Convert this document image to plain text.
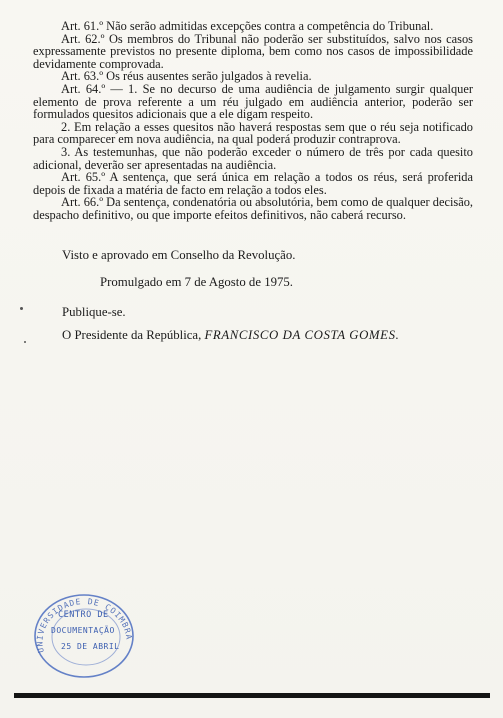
Art. 61.º Não serão admitidas excepções contra a competência do Tribunal.

Art. 62.º Os membros do Tribunal não poderão ser substituídos, salvo nos casos expressamente previstos no presente diploma, bem como nos casos de impossibilidade devidamente comprovada.

Art. 63.º Os réus ausentes serão julgados à revelia.

Art. 64.º — 1. Se no decurso de uma audiência de julgamento surgir qualquer elemento de prova referente a um réu julgado em audiência anterior, poderão ser formulados quesitos adicionais que a ele digam respeito.

2. Em relação a esses quesitos não haverá respostas sem que o réu seja notificado para comparecer em nova audiência, na qual poderá produzir contraprova.

3. As testemunhas, que não poderão exceder o número de três por cada quesito adicional, deverão ser apresentadas na audiência.

Art. 65.º A sentença, que será única em relação a todos os réus, será proferida depois de fixada a matéria de facto em relação a todos eles.

Art. 66.º Da sentença, condenatória ou absolutória, bem como de qualquer decisão, despacho definitivo, ou que importe efeitos definitivos, não caberá recurso.

Visto e aprovado em Conselho da Revolução.
Promulgado em 7 de Agosto de 1975.
Publique-se.
O Presidente da República, FRANCISCO DA COSTA GOMES.
UNIVERSIDADE DE COIMBRA
CENTRO DE
DOCUMENTAÇÃO
25 DE ABRIL
